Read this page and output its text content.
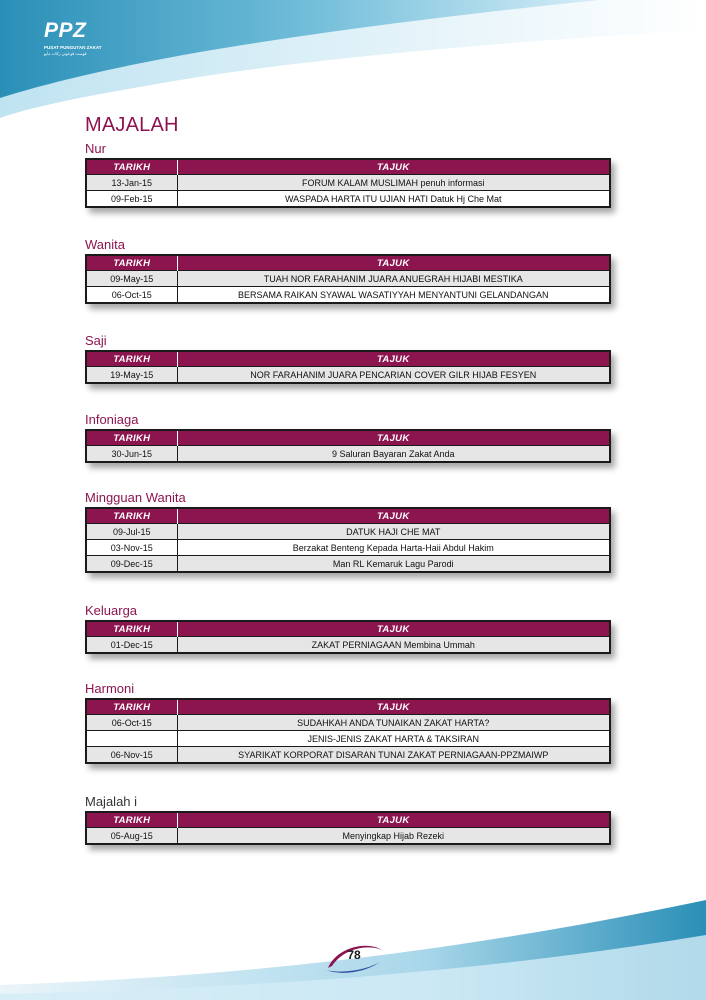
PPZ
PUSAT PUNGUTAN ZAKAT
ڤوست ڤوڠوتن زکات مأيو
MAJALAH
Nur
TARIKH	TAJUK
13-Jan-15	FORUM KALAM MUSLIMAH penuh informasi
09-Feb-15	WASPADA HARTA ITU UJIAN HATI Datuk Hj Che Mat
Wanita
TARIKH	TAJUK
09-May-15	TUAH NOR FARAHANIM JUARA ANUEGRAH HIJABI MESTIKA
06-Oct-15	BERSAMA RAIKAN SYAWAL WASATIYYAH MENYANTUNI GELANDANGAN
Saji
TARIKH	TAJUK
19-May-15	NOR FARAHANIM JUARA PENCARIAN COVER GILR HIJAB FESYEN
Infoniaga
TARIKH	TAJUK
30-Jun-15	9 Saluran Bayaran Zakat Anda
Mingguan Wanita
TARIKH	TAJUK
09-Jul-15	DATUK HAJI CHE MAT
03-Nov-15	Berzakat Benteng Kepada Harta-Haii Abdul Hakim
09-Dec-15	Man RL Kemaruk Lagu Parodi
Keluarga
TARIKH	TAJUK
01-Dec-15	ZAKAT PERNIAGAAN Membina Ummah
Harmoni
TARIKH	TAJUK
06-Oct-15	SUDAHKAH ANDA TUNAIKAN ZAKAT HARTA?
	JENIS-JENIS ZAKAT HARTA & TAKSIRAN
06-Nov-15	SYARIKAT KORPORAT DISARAN TUNAI ZAKAT PERNIAGAAN-PPZMAIWP
Majalah i
TARIKH	TAJUK
05-Aug-15	Menyingkap Hijab Rezeki
78
